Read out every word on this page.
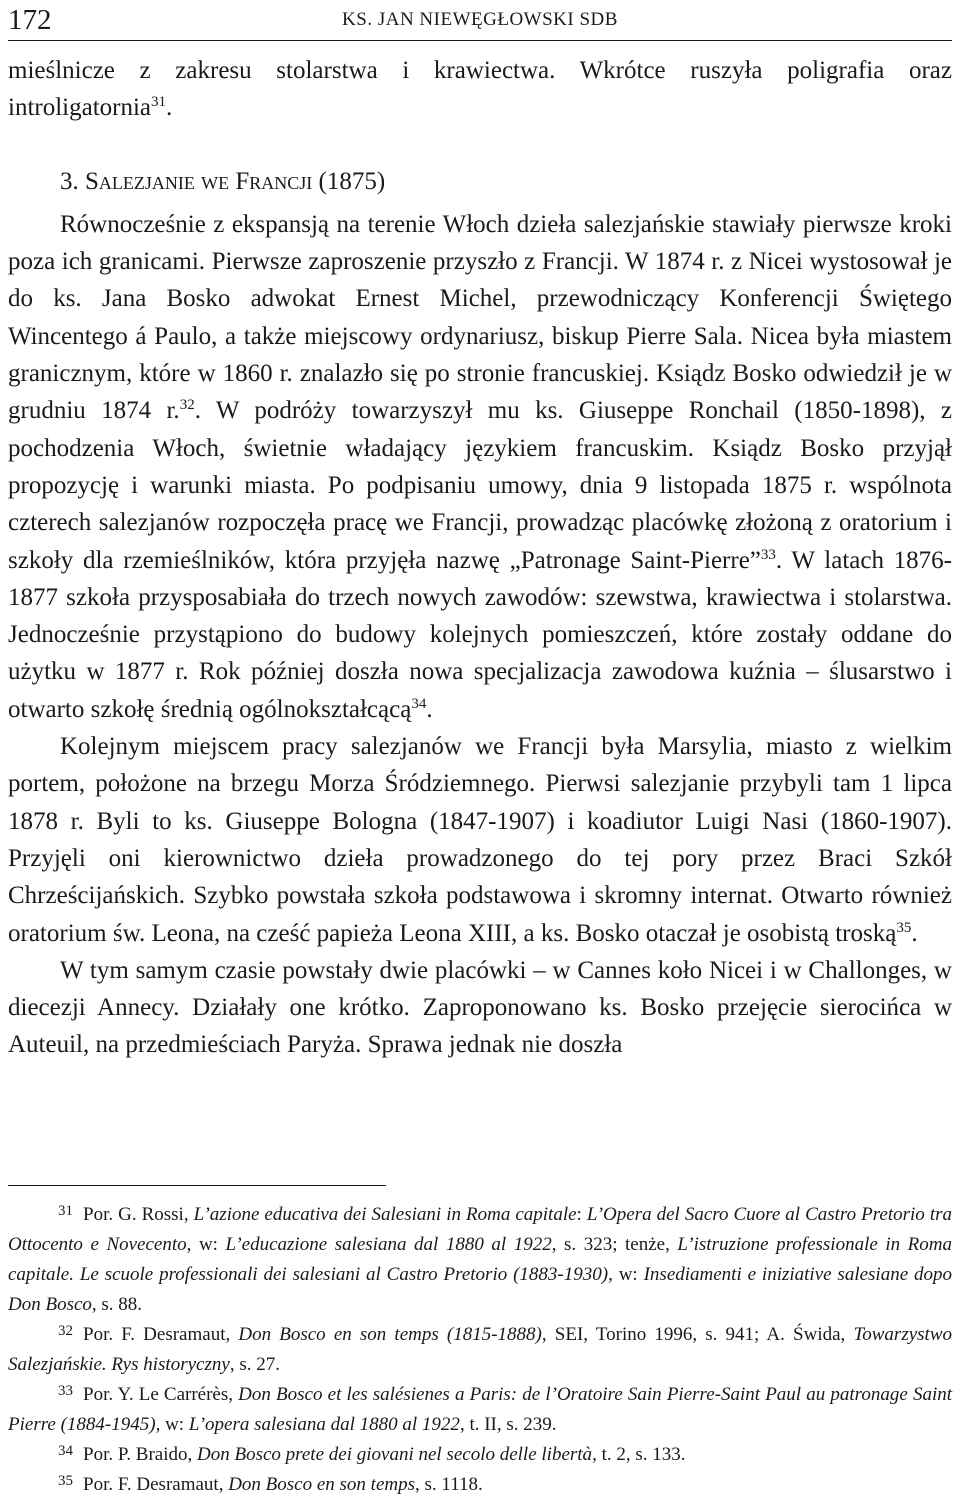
172	KS. JAN NIEWĘGŁOWSKI SDB

mieślnicze z zakresu stolarstwa i krawiectwa. Wkrótce ruszyła poligrafia oraz introligatornia$^{31}$.

3. Salezjanie we Francji (1875)

Równocześnie z ekspansją na terenie Włoch dzieła salezjańskie stawiały pierwsze kroki poza ich granicami. Pierwsze zaproszenie przyszło z Francji. W 1874 r. z Nicei wystosował je do ks. Jana Bosko adwokat Ernest Michel, przewodniczący Konferencji Świętego Wincentego á Paulo, a także miejscowy ordynariusz, biskup Pierre Sala. Nicea była miastem granicznym, które w 1860 r. znalazło się po stronie francuskiej. Ksiądz Bosko odwiedził je w grudniu 1874 r.$^{32}$. W podróży towarzyszył mu ks. Giuseppe Ronchail (1850-1898), z pochodzenia Włoch, świetnie władający językiem francuskim. Ksiądz Bosko przyjął propozycję i warunki miasta. Po podpisaniu umowy, dnia 9 listopada 1875 r. wspólnota czterech salezjanów rozpoczęła pracę we Francji, prowadząc placówkę złożoną z oratorium i szkoły dla rzemieślników, która przyjęła nazwę „Patronage Saint-Pierre”$^{33}$. W latach 1876-1877 szkoła przysposabiała do trzech nowych zawodów: szewstwa, krawiectwa i stolarstwa. Jednocześnie przystąpiono do budowy kolejnych pomieszczeń, które zostały oddane do użytku w 1877 r. Rok później doszła nowa specjalizacja zawodowa kuźnia – ślusarstwo i otwarto szkołę średnią ogólnokształcącą$^{34}$.

Kolejnym miejscem pracy salezjanów we Francji była Marsylia, miasto z wielkim portem, położone na brzegu Morza Śródziemnego. Pierwsi salezjanie przybyli tam 1 lipca 1878 r. Byli to ks. Giuseppe Bologna (1847-1907) i koadiutor Luigi Nasi (1860-1907). Przyjęli oni kierownictwo dzieła prowadzonego do tej pory przez Braci Szkół Chrześcijańskich. Szybko powstała szkoła podstawowa i skromny internat. Otwarto również oratorium św. Leona, na cześć papieża Leona XIII, a ks. Bosko otaczał je osobistą troską$^{35}$.

W tym samym czasie powstały dwie placówki – w Cannes koło Nicei i w Challonges, w diecezji Annecy. Działały one krótko. Zaproponowano ks. Bosko przejęcie sierocińca w Auteuil, na przedmieściach Paryża. Sprawa jednak nie doszła

$^{31}$ Por. G. Rossi, L’azione educativa dei Salesiani in Roma capitale: L’Opera del Sacro Cuore al Castro Pretorio tra Ottocento e Novecento, w: L’educazione salesiana dal 1880 al 1922, s. 323; tenże, L’istruzione professionale in Roma capitale. Le scuole professionali dei salesiani al Castro Pretorio (1883-1930), w: Insediamenti e iniziative salesiane dopo Don Bosco, s. 88.

$^{32}$ Por. F. Desramaut, Don Bosco en son temps (1815-1888), SEI, Torino 1996, s. 941; A. Świda, Towarzystwo Salezjańskie. Rys historyczny, s. 27.

$^{33}$ Por. Y. Le Carrérès, Don Bosco et les salésienes a Paris: de l’Oratoire Sain Pierre-Saint Paul au patronage Saint Pierre (1884-1945), w: L’opera salesiana dal 1880 al 1922, t. II, s. 239.

$^{34}$ Por. P. Braido, Don Bosco prete dei giovani nel secolo delle libertà, t. 2, s. 133.

$^{35}$ Por. F. Desramaut, Don Bosco en son temps, s. 1118.
